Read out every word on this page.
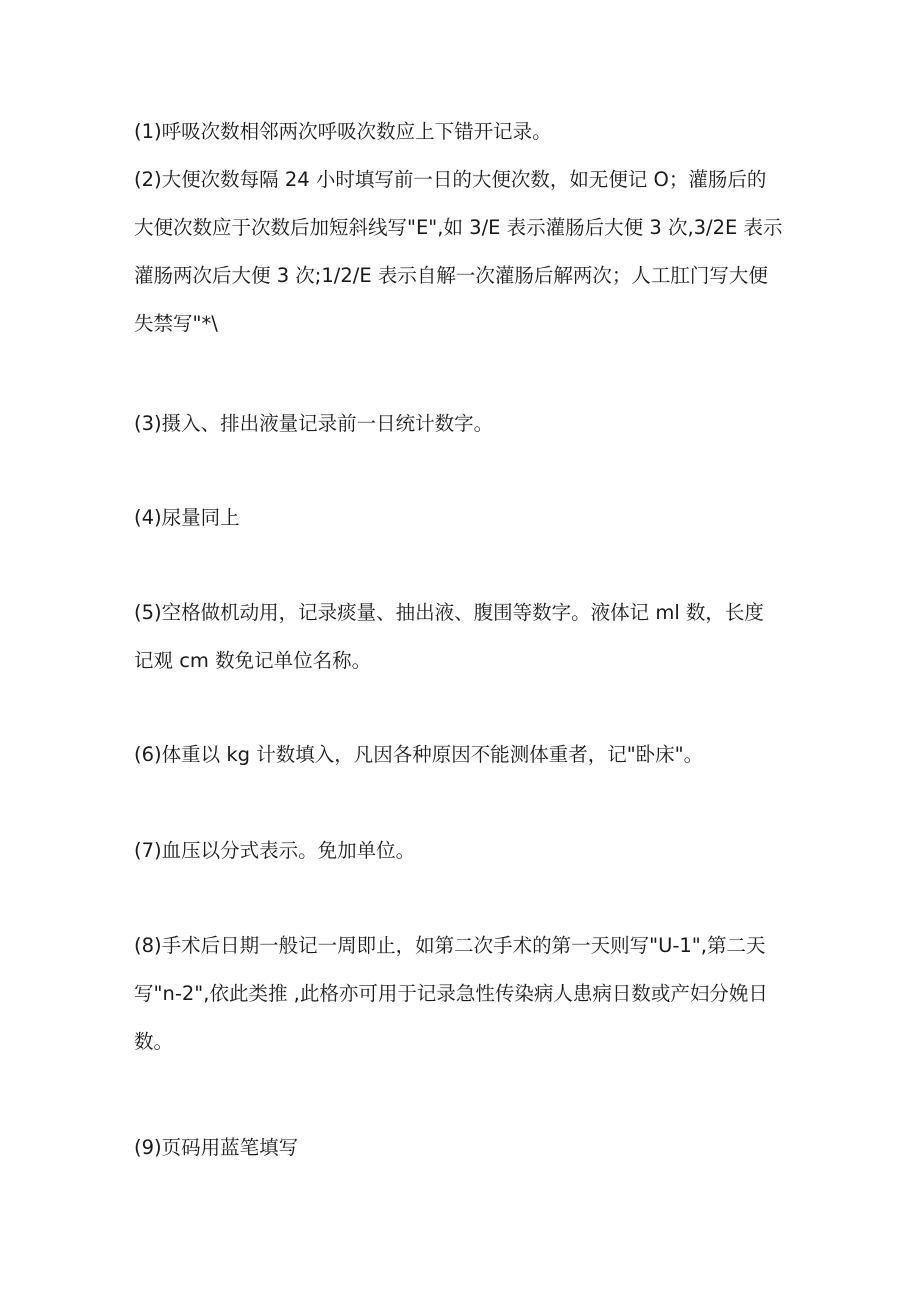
(1)呼吸次数相邻两次呼吸次数应上下错开记录。

(2)大便次数每隔 24 小时填写前一日的大便次数，如无便记 O；灌肠后的
大便次数应于次数后加短斜线写"E",如 3/E 表示灌肠后大便 3 次,3/2E 表示
灌肠两次后大便 3 次;1/2/E 表示自解一次灌肠后解两次；人工肛门写大便
失禁写"*\

(3)摄入、排出液量记录前一日统计数字。

(4)尿量同上

(5)空格做机动用，记录痰量、抽出液、腹围等数字。液体记 ml 数，长度
记观 cm 数免记单位名称。

(6)体重以 kg 计数填入，凡因各种原因不能测体重者，记"卧床"。

(7)血压以分式表示。免加单位。

(8)手术后日期一般记一周即止，如第二次手术的第一天则写"U-1",第二天
写"n-2",依此类推 ,此格亦可用于记录急性传染病人患病日数或产妇分娩日
数。

(9)页码用蓝笔填写
